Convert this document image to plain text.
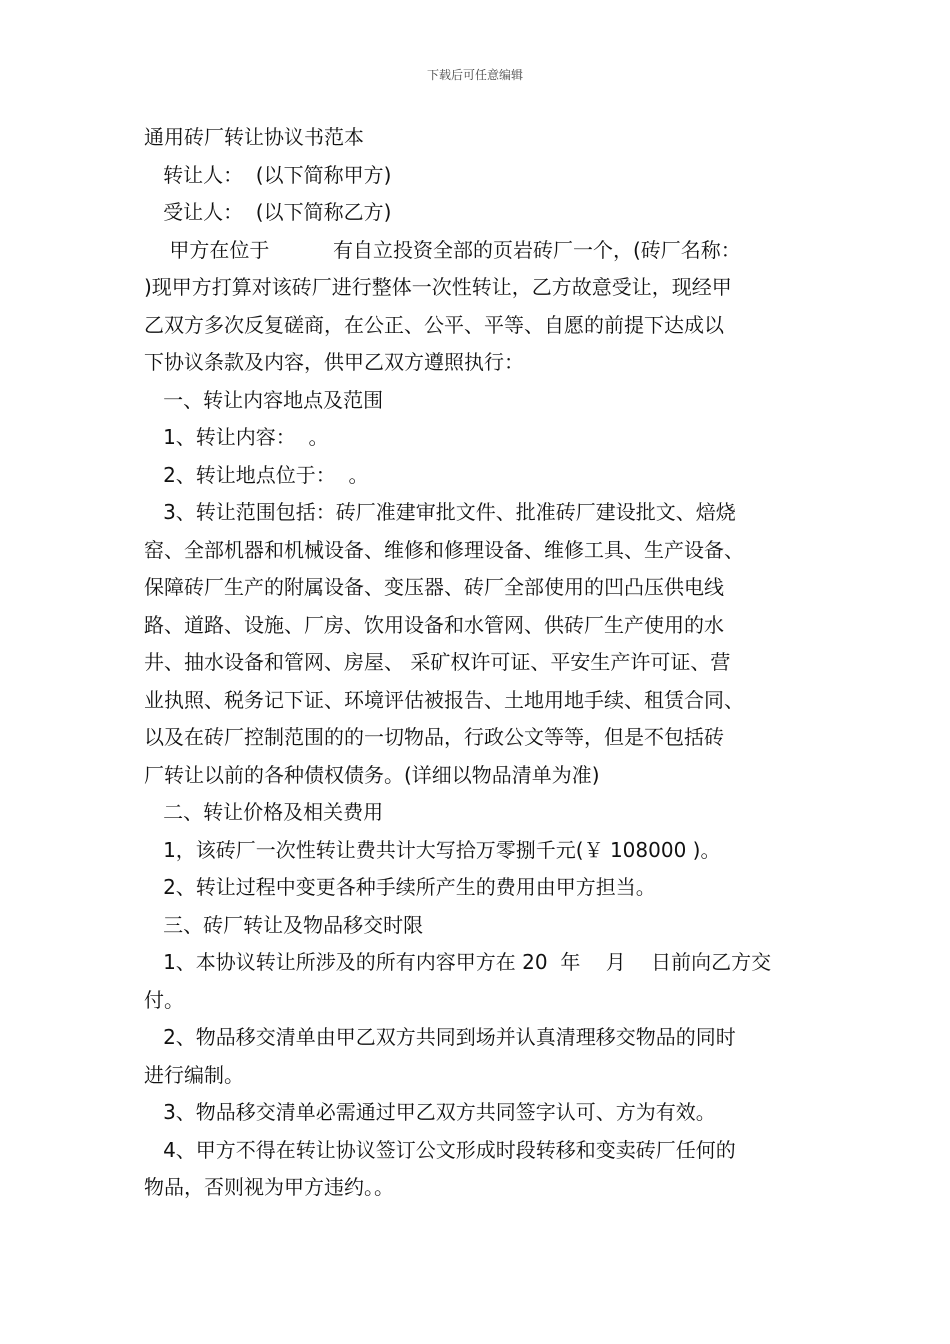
下载后可任意编辑
通用砖厂转让协议书范本
转让人：  (以下简称甲方)
受让人：  (以下简称乙方)
甲方在位于          有自立投资全部的页岩砖厂一个，(砖厂名称：
)现甲方打算对该砖厂进行整体一次性转让，乙方故意受让，现经甲
乙双方多次反复磋商，在公正、公平、平等、自愿的前提下达成以
下协议条款及内容，供甲乙双方遵照执行：
一、转让内容地点及范围
1、转让内容：  。
2、转让地点位于：  。
3、转让范围包括：砖厂准建审批文件、批准砖厂建设批文、焙烧
窑、全部机器和机械设备、维修和修理设备、维修工具、生产设备、
保障砖厂生产的附属设备、变压器、砖厂全部使用的凹凸压供电线
路、道路、设施、厂房、饮用设备和水管网、供砖厂生产使用的水
井、抽水设备和管网、房屋、 采矿权许可证、平安生产许可证、营
业执照、税务记下证、环境评估被报告、土地用地手续、租赁合同、
以及在砖厂控制范围的的一切物品，行政公文等等，但是不包括砖
厂转让以前的各种债权债务。(详细以物品清单为准)
二、转让价格及相关费用
1，该砖厂一次性转让费共计大写拾万零捌千元(￥ 108000 )。
2、转让过程中变更各种手续所产生的费用由甲方担当。
三、砖厂转让及物品移交时限
1、本协议转让所涉及的所有内容甲方在 20  年    月    日前向乙方交
付。
2、物品移交清单由甲乙双方共同到场并认真清理移交物品的同时
进行编制。
3、物品移交清单必需通过甲乙双方共同签字认可、方为有效。
4、甲方不得在转让协议签订公文形成时段转移和变卖砖厂任何的
物品，否则视为甲方违约。。
